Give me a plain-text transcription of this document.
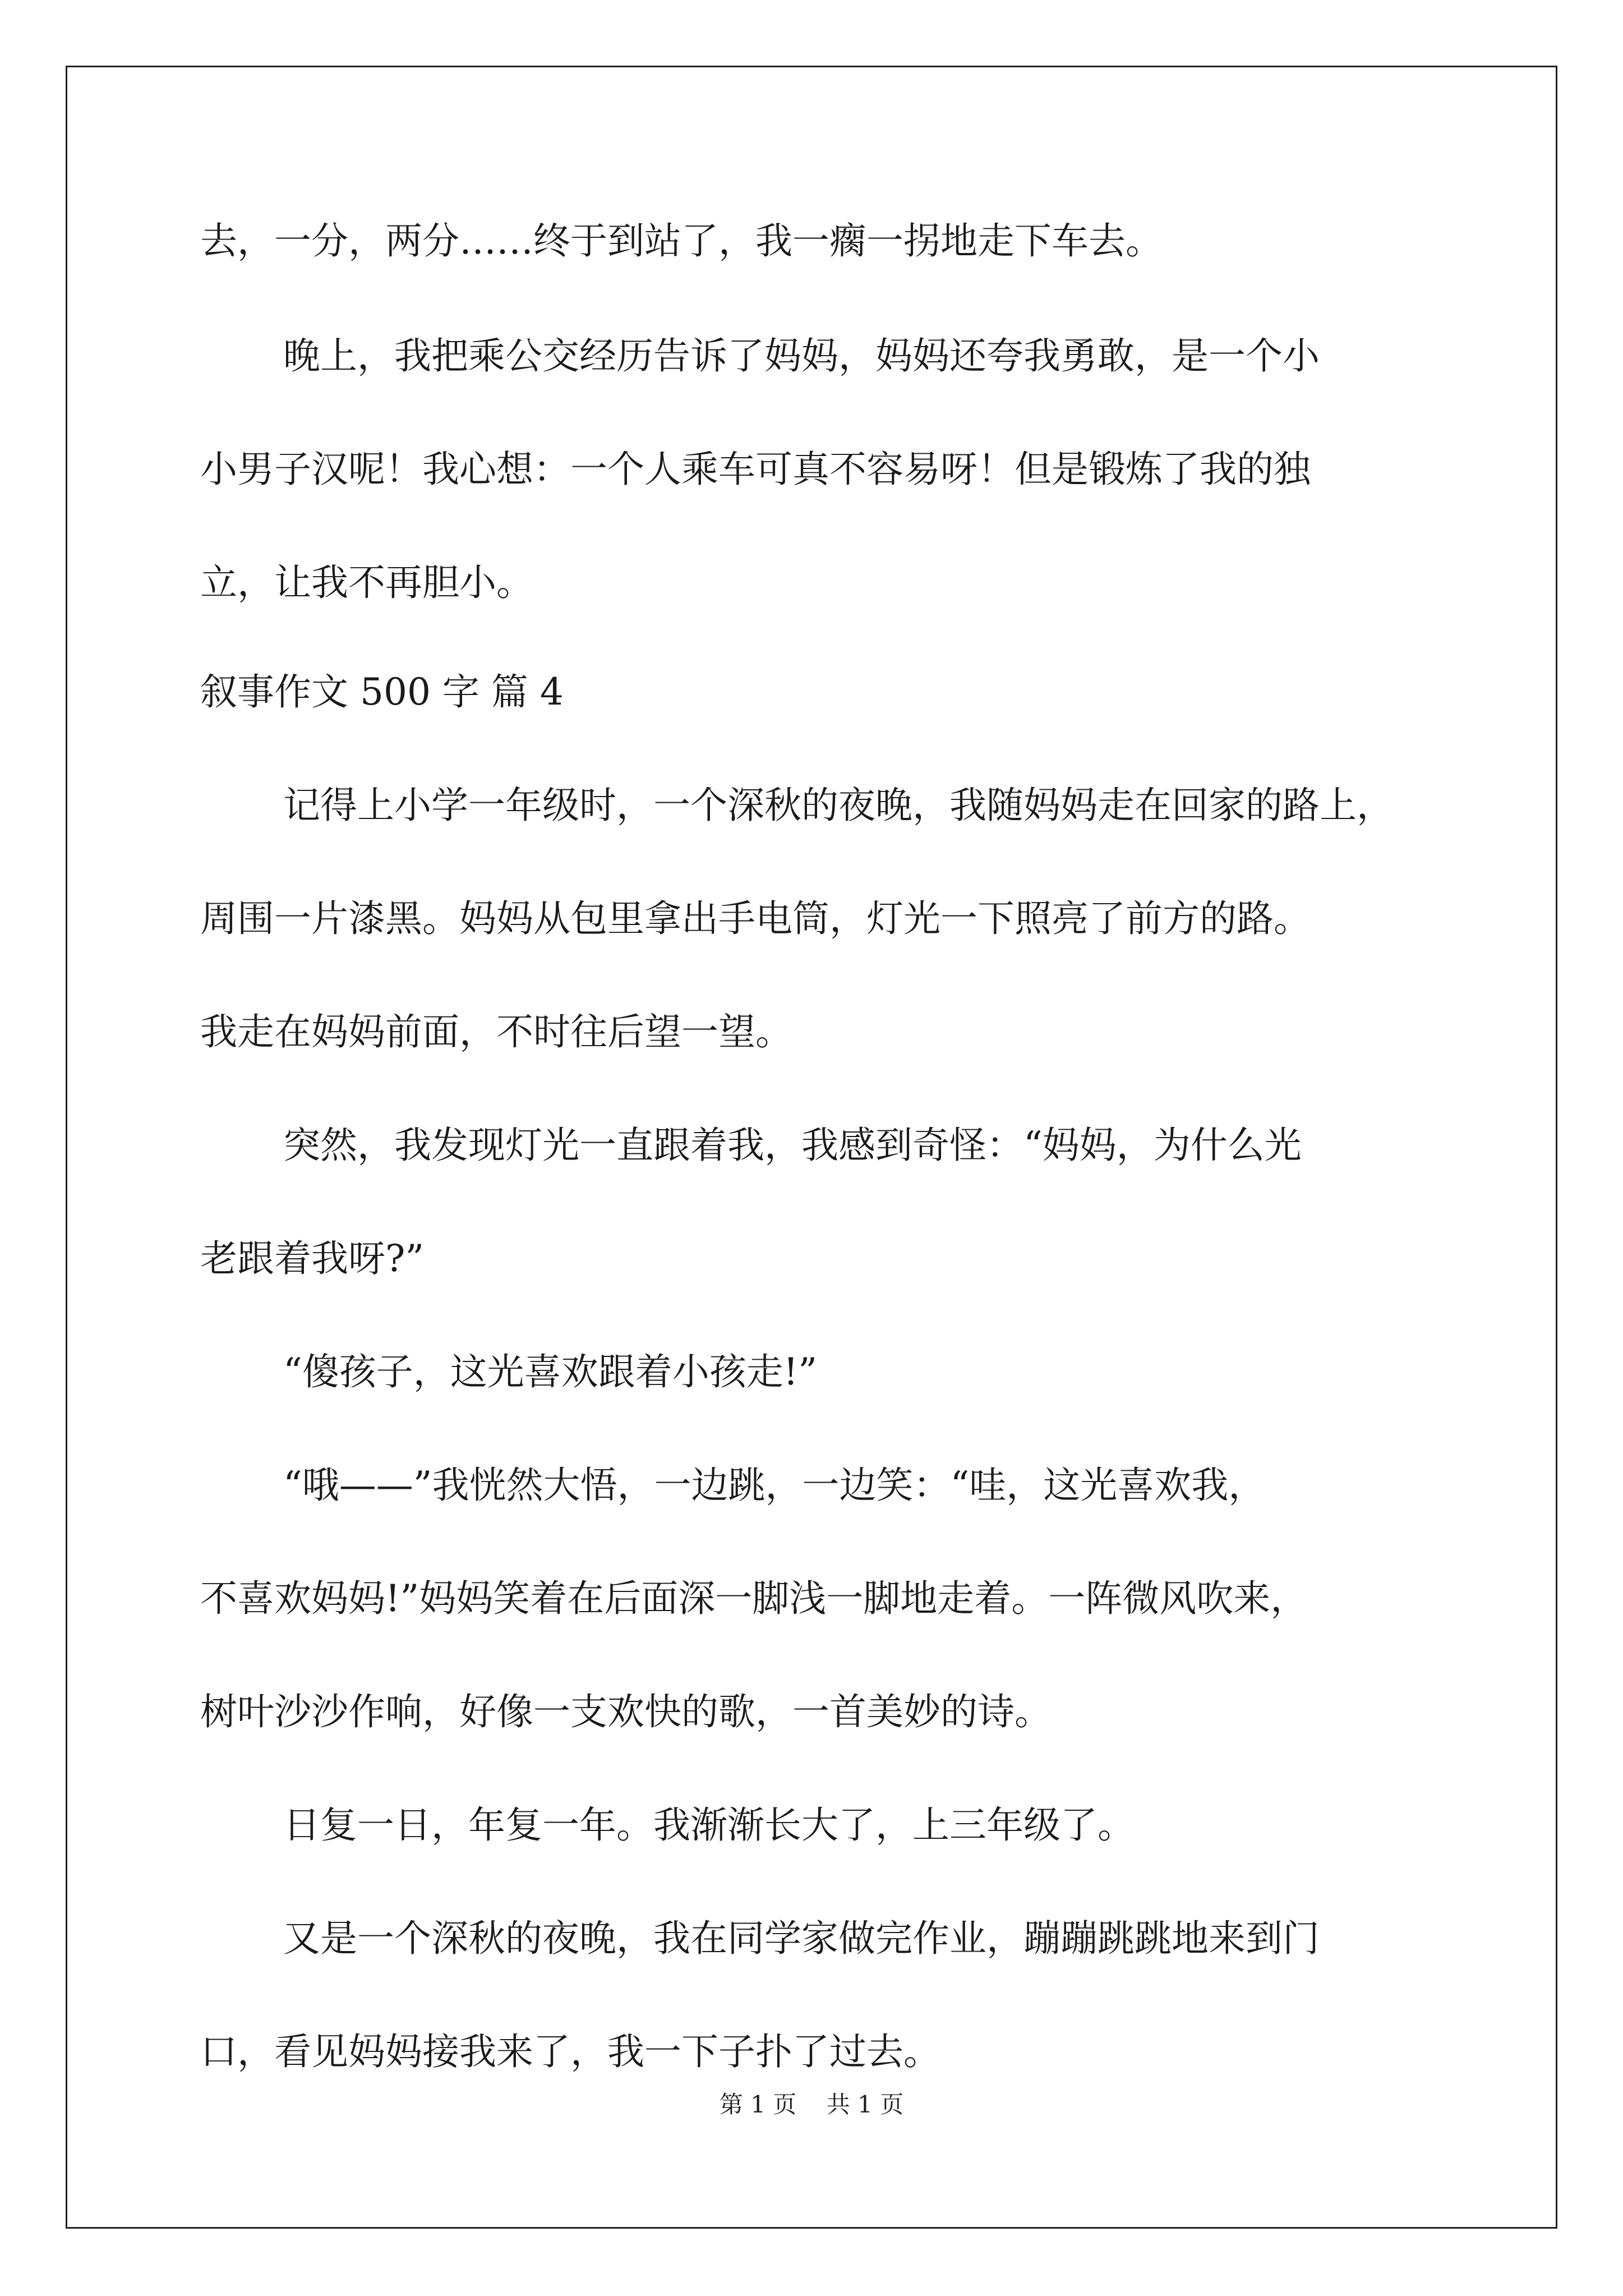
去，一分，两分……终于到站了，我一瘸一拐地走下车去。
晚上，我把乘公交经历告诉了妈妈，妈妈还夸我勇敢，是一个小
小男子汉呢！我心想：一个人乘车可真不容易呀！但是锻炼了我的独
立，让我不再胆小。
叙事作文 500 字 篇 4
记得上小学一年级时，一个深秋的夜晚，我随妈妈走在回家的路上，
周围一片漆黑。妈妈从包里拿出手电筒，灯光一下照亮了前方的路。
我走在妈妈前面，不时往后望一望。
突然，我发现灯光一直跟着我，我感到奇怪：“妈妈，为什么光
老跟着我呀?”
“傻孩子，这光喜欢跟着小孩走!”
“哦——”我恍然大悟，一边跳，一边笑：“哇，这光喜欢我，
不喜欢妈妈!”妈妈笑着在后面深一脚浅一脚地走着。一阵微风吹来，
树叶沙沙作响，好像一支欢快的歌，一首美妙的诗。
日复一日，年复一年。我渐渐长大了，上三年级了。
又是一个深秋的夜晚，我在同学家做完作业，蹦蹦跳跳地来到门
口，看见妈妈接我来了，我一下子扑了过去。
第 1 页    共 1 页
